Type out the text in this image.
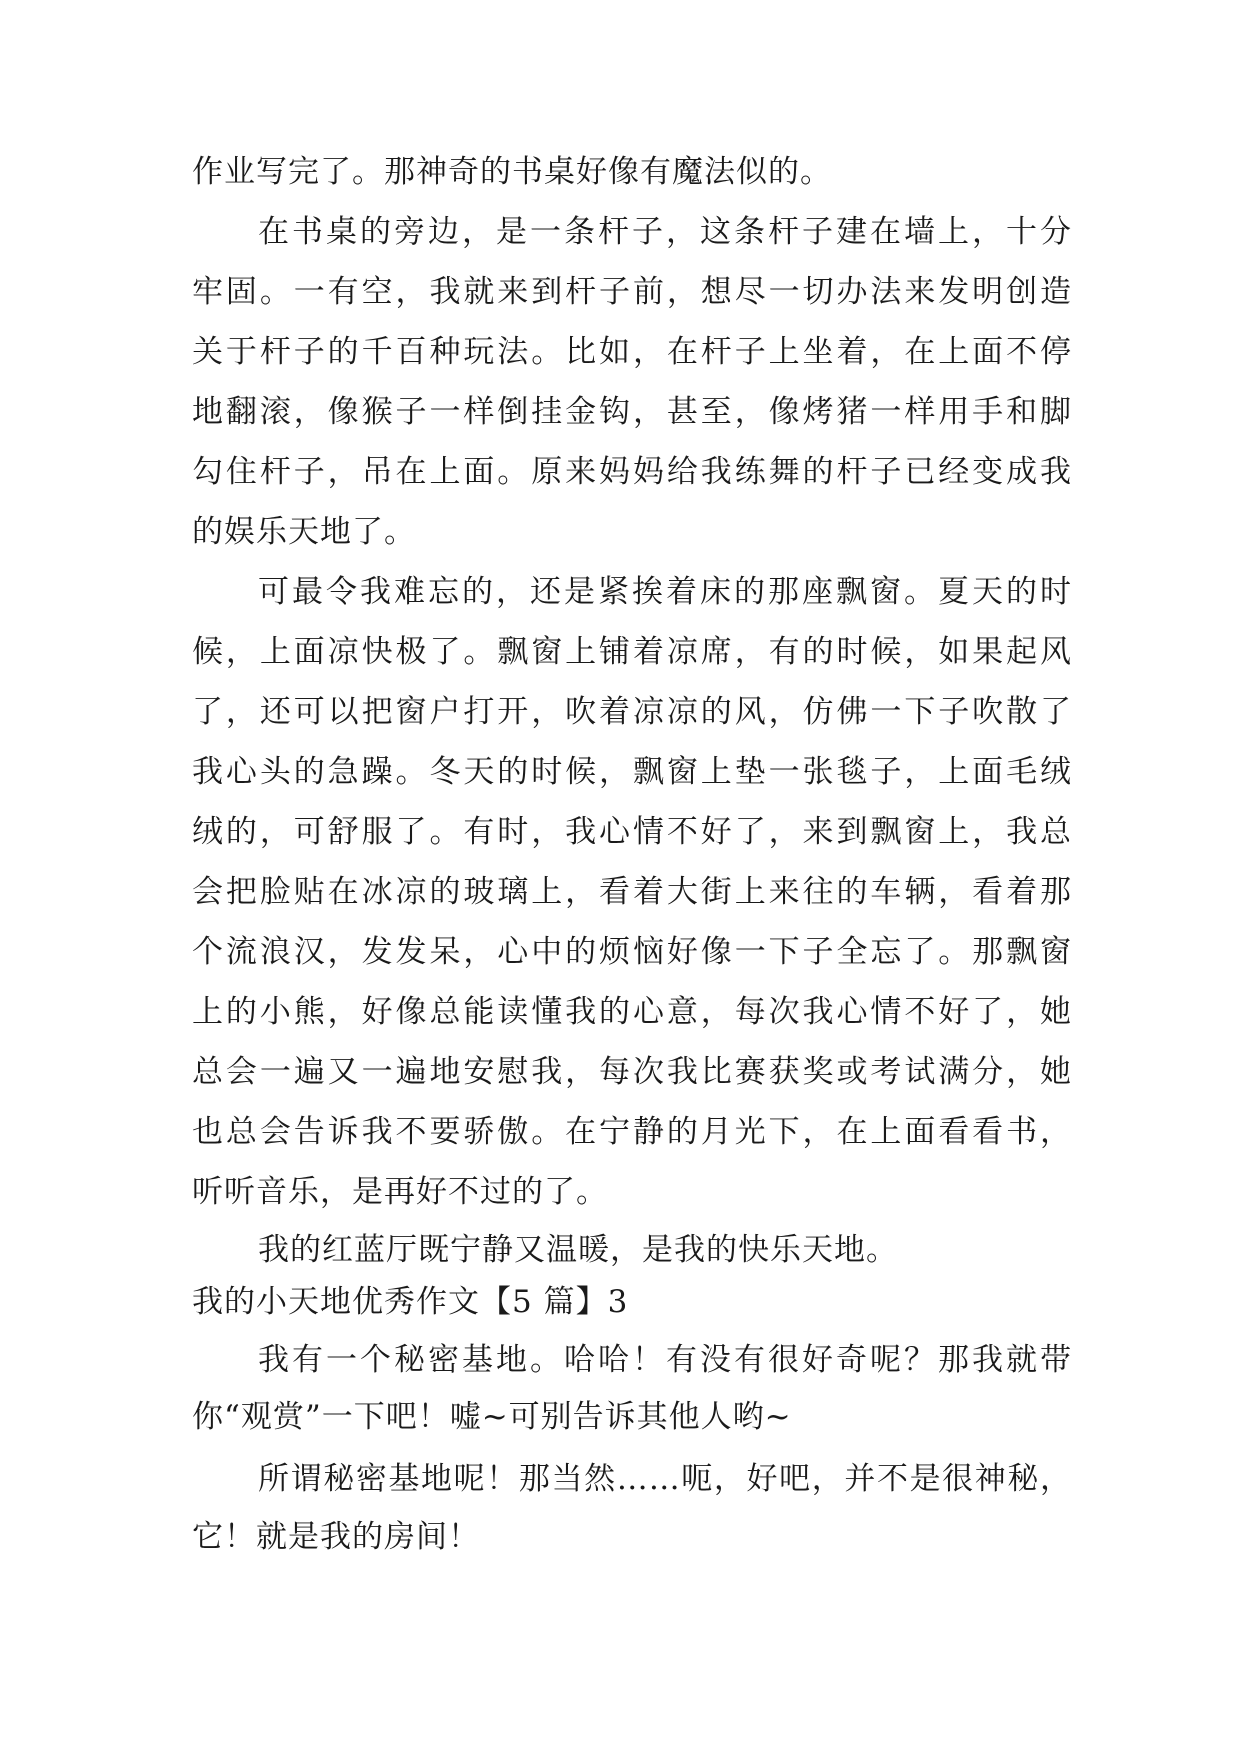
作业写完了。那神奇的书桌好像有魔法似的。
在书桌的旁边，是一条杆子，这条杆子建在墙上，十分
牢固。一有空，我就来到杆子前，想尽一切办法来发明创造
关于杆子的千百种玩法。比如，在杆子上坐着，在上面不停
地翻滚，像猴子一样倒挂金钩，甚至，像烤猪一样用手和脚
勾住杆子，吊在上面。原来妈妈给我练舞的杆子已经变成我
的娱乐天地了。
可最令我难忘的，还是紧挨着床的那座飘窗。夏天的时
候，上面凉快极了。飘窗上铺着凉席，有的时候，如果起风
了，还可以把窗户打开，吹着凉凉的风，仿佛一下子吹散了
我心头的急躁。冬天的时候，飘窗上垫一张毯子，上面毛绒
绒的，可舒服了。有时，我心情不好了，来到飘窗上，我总
会把脸贴在冰凉的玻璃上，看着大街上来往的车辆，看着那
个流浪汉，发发呆，心中的烦恼好像一下子全忘了。那飘窗
上的小熊，好像总能读懂我的心意，每次我心情不好了，她
总会一遍又一遍地安慰我，每次我比赛获奖或考试满分，她
也总会告诉我不要骄傲。在宁静的月光下，在上面看看书，
听听音乐，是再好不过的了。
我的红蓝厅既宁静又温暖，是我的快乐天地。
我的小天地优秀作文【5 篇】3
我有一个秘密基地。哈哈！有没有很好奇呢？那我就带
你“观赏”一下吧！嘘~可别告诉其他人哟~
所谓秘密基地呢！那当然……呃，好吧，并不是很神秘，
它！就是我的房间！
